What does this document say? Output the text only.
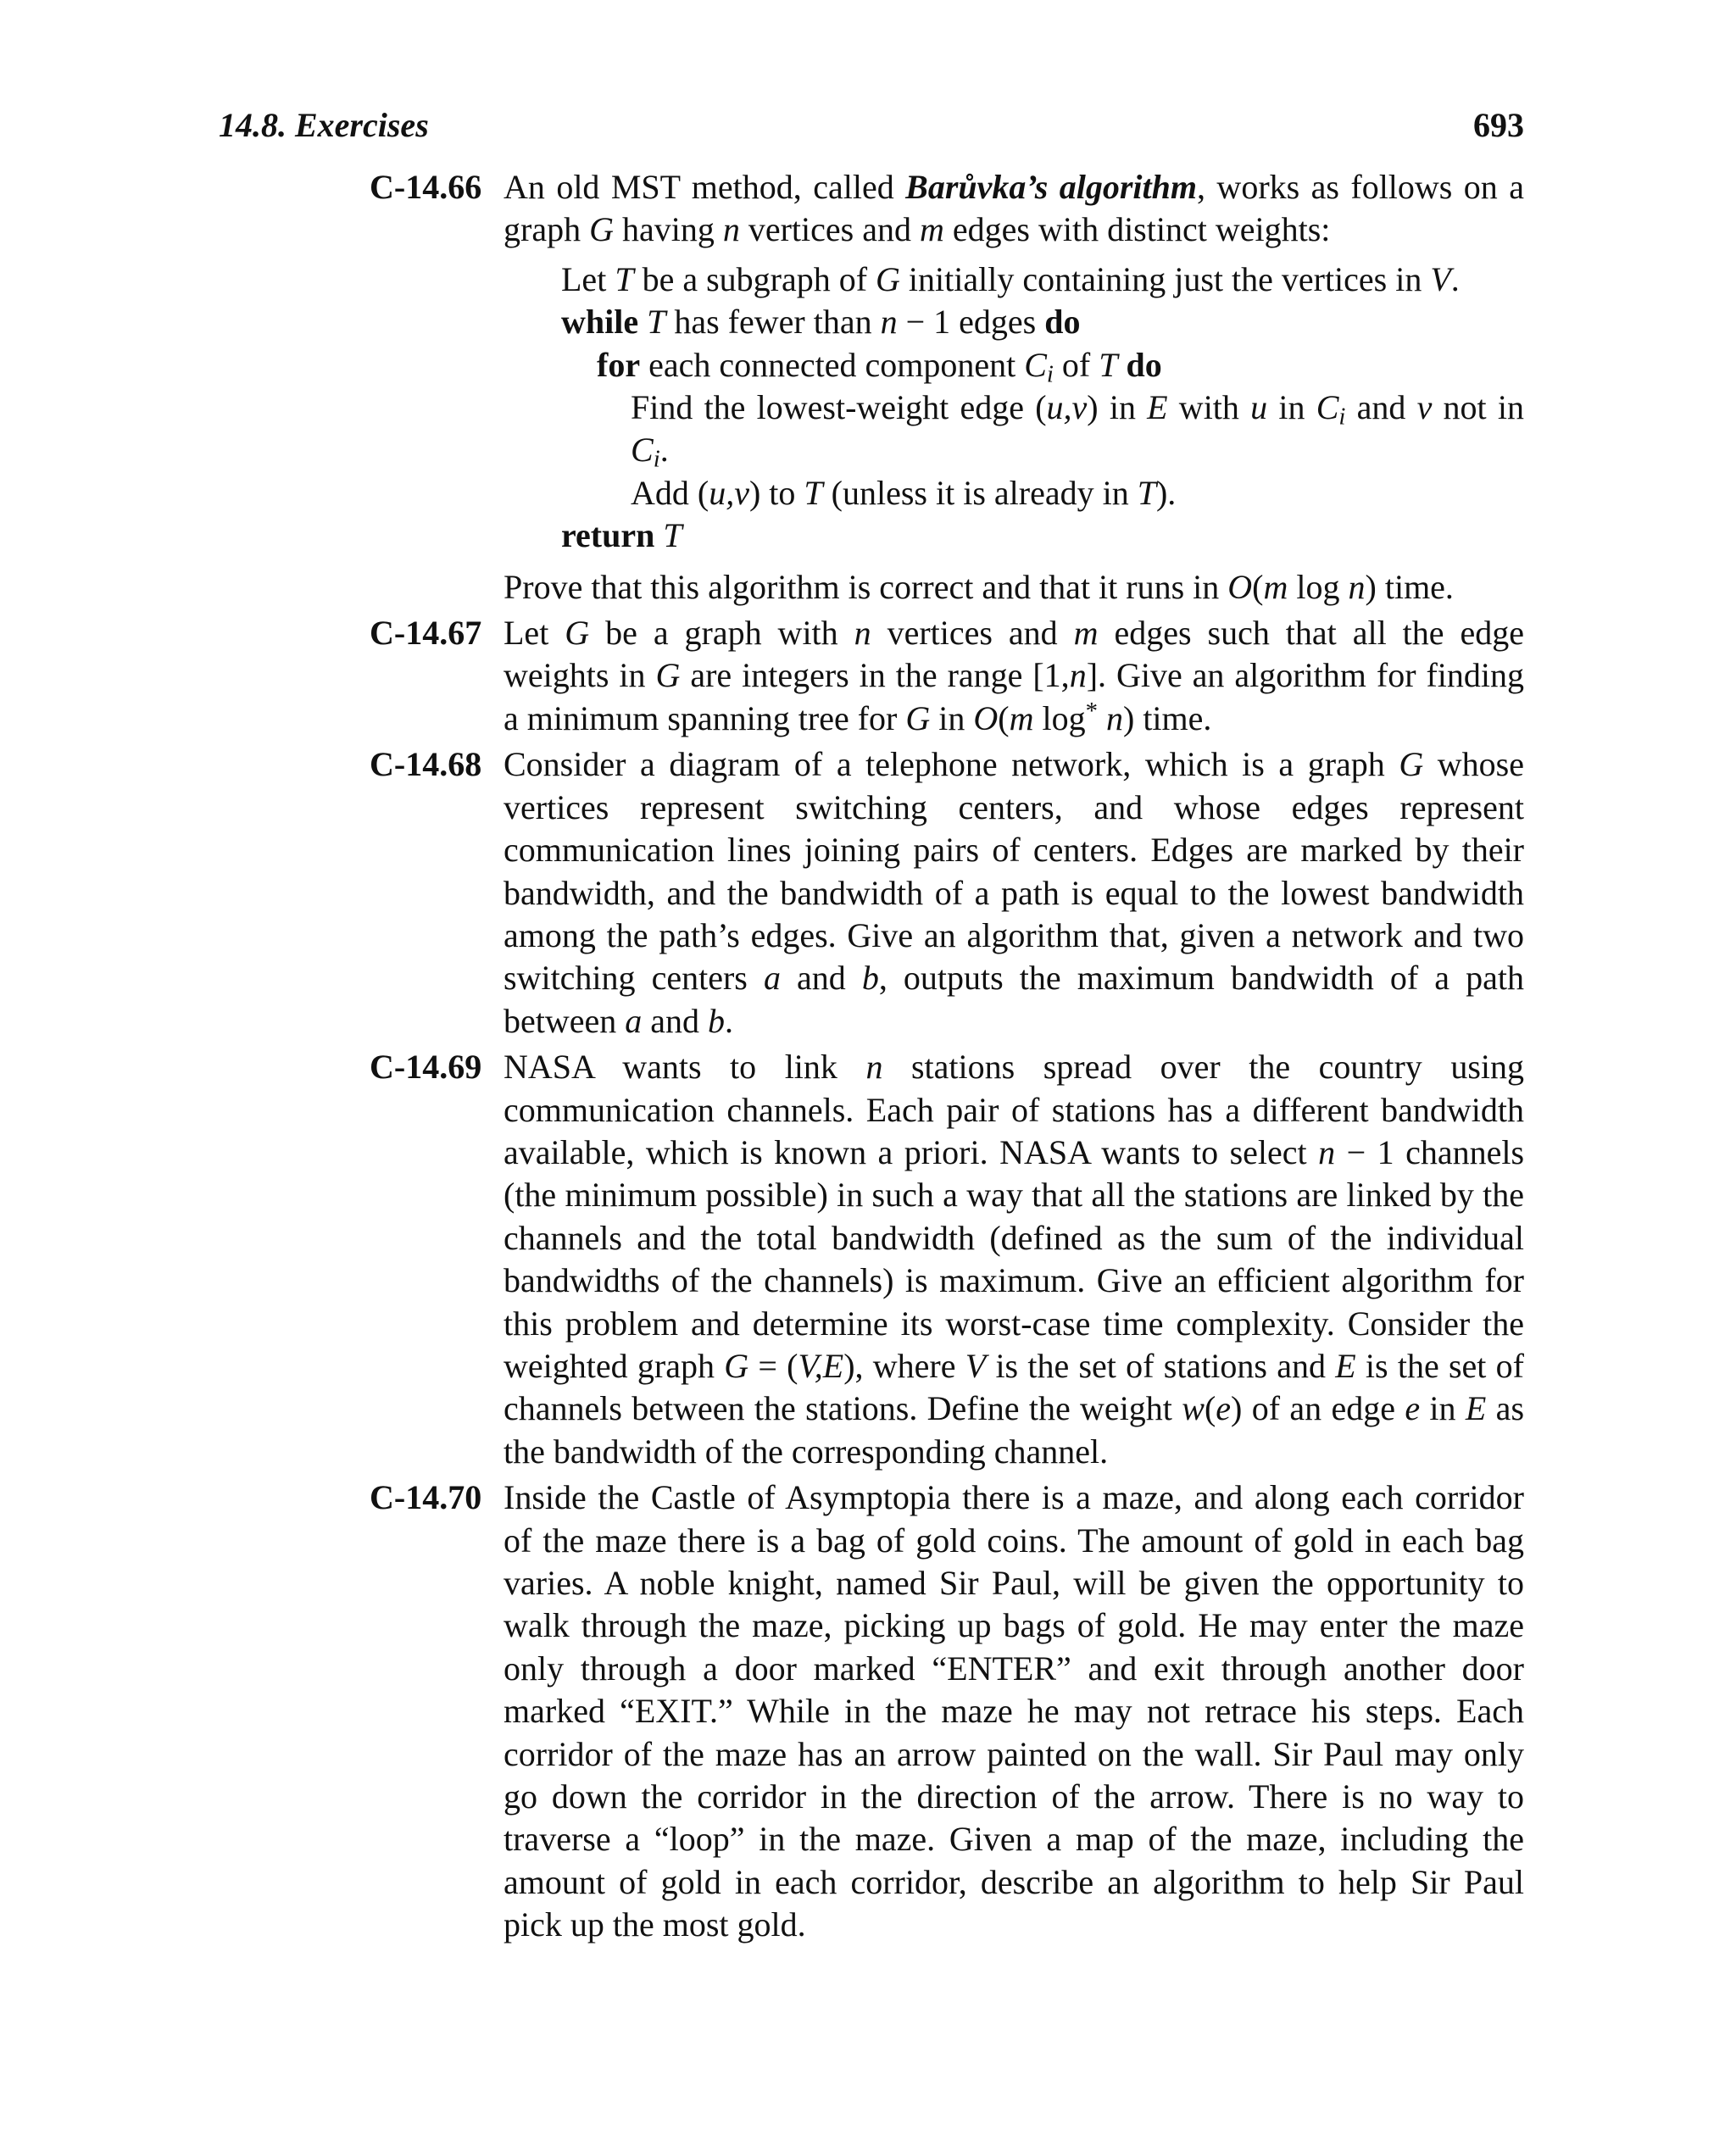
14.8. Exercises	693
C-14.66 An old MST method, called Barůvka’s algorithm, works as follows on a graph G having n vertices and m edges with distinct weights:

Let T be a subgraph of G initially containing just the vertices in V.

while T has fewer than n − 1 edges do

for each connected component $C_i$ of T do

Find the lowest-weight edge (u,v) in E with u in $C_i$ and v not in $C_i$.

Add (u,v) to T (unless it is already in T).

return T

Prove that this algorithm is correct and that it runs in O(m log n) time.

C-14.67 Let G be a graph with n vertices and m edges such that all the edge weights in G are integers in the range [1,n]. Give an algorithm for finding a minimum spanning tree for G in O(m log* n) time.
C-14.68 Consider a diagram of a telephone network, which is a graph G whose vertices represent switching centers, and whose edges represent communication lines joining pairs of centers. Edges are marked by their bandwidth, and the bandwidth of a path is equal to the lowest bandwidth among the path’s edges. Give an algorithm that, given a network and two switching centers a and b, outputs the maximum bandwidth of a path between a and b.
C-14.69 NASA wants to link n stations spread over the country using communication channels. Each pair of stations has a different bandwidth available, which is known a priori. NASA wants to select n − 1 channels (the minimum possible) in such a way that all the stations are linked by the channels and the total bandwidth (defined as the sum of the individual bandwidths of the channels) is maximum. Give an efficient algorithm for this problem and determine its worst-case time complexity. Consider the weighted graph G = (V,E), where V is the set of stations and E is the set of channels between the stations. Define the weight w(e) of an edge e in E as the bandwidth of the corresponding channel.
C-14.70 Inside the Castle of Asymptopia there is a maze, and along each corridor of the maze there is a bag of gold coins. The amount of gold in each bag varies. A noble knight, named Sir Paul, will be given the opportunity to walk through the maze, picking up bags of gold. He may enter the maze only through a door marked “ENTER” and exit through another door marked “EXIT.” While in the maze he may not retrace his steps. Each corridor of the maze has an arrow painted on the wall. Sir Paul may only go down the corridor in the direction of the arrow. There is no way to traverse a “loop” in the maze. Given a map of the maze, including the amount of gold in each corridor, describe an algorithm to help Sir Paul pick up the most gold.
